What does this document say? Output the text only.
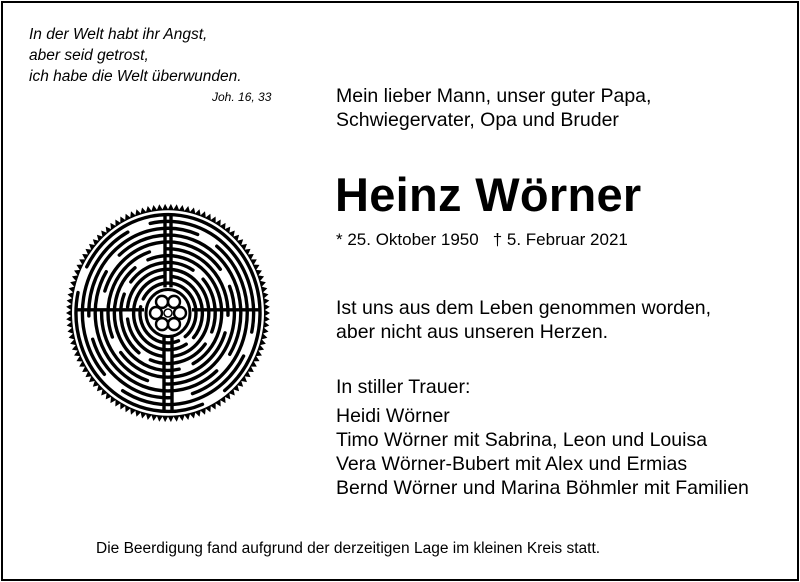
In der Welt habt ihr Angst,
aber seid getrost,
ich habe die Welt überwunden.
Joh. 16, 33	Mein lieber Mann, unser guter Papa,
Schwiegervater, Opa und Bruder
Heinz Wörner
* 25. Oktober 1950 † 5. Februar 2021
Ist uns aus dem Leben genommen worden,
aber nicht aus unseren Herzen.
In stiller Trauer:
Heidi Wörner
Timo Wörner mit Sabrina, Leon und Louisa
Vera Wörner-Bubert mit Alex und Ermias
Bernd Wörner und Marina Böhmler mit Familien
Die Beerdigung fand aufgrund der derzeitigen Lage im kleinen Kreis statt.
